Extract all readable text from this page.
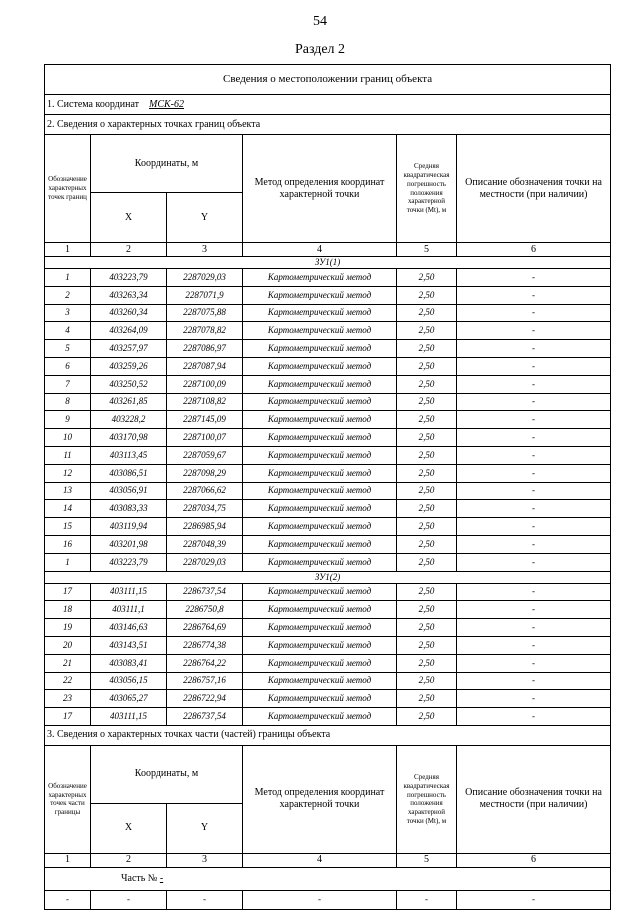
54
Раздел 2
Сведения о местоположении границ объекта					
1. Система координат МСК-62					
2. Сведения о характерных точках границ объекта					
Обозначение характерных точек границ	Координаты, м		Метод определения координат характерной точки	Средняя квадратическая погрешность положения характерной точки (Mt), м	Описание обозначения точки на местности (при наличии)
	X	Y			
1	2	3	4	5	6
ЗУ1(1)					
1	403223,79	2287029,03	Картометрический метод	2,50	-
2	403263,34	2287071,9	Картометрический метод	2,50	-
3	403260,34	2287075,88	Картометрический метод	2,50	-
4	403264,09	2287078,82	Картометрический метод	2,50	-
5	403257,97	2287086,97	Картометрический метод	2,50	-
6	403259,26	2287087,94	Картометрический метод	2,50	-
7	403250,52	2287100,09	Картометрический метод	2,50	-
8	403261,85	2287108,82	Картометрический метод	2,50	-
9	403228,2	2287145,09	Картометрический метод	2,50	-
10	403170,98	2287100,07	Картометрический метод	2,50	-
11	403113,45	2287059,67	Картометрический метод	2,50	-
12	403086,51	2287098,29	Картометрический метод	2,50	-
13	403056,91	2287066,62	Картометрический метод	2,50	-
14	403083,33	2287034,75	Картометрический метод	2,50	-
15	403119,94	2286985,94	Картометрический метод	2,50	-
16	403201,98	2287048,39	Картометрический метод	2,50	-
1	403223,79	2287029,03	Картометрический метод	2,50	-
ЗУ1(2)					
17	403111,15	2286737,54	Картометрический метод	2,50	-
18	403111,1	2286750,8	Картометрический метод	2,50	-
19	403146,63	2286764,69	Картометрический метод	2,50	-
20	403143,51	2286774,38	Картометрический метод	2,50	-
21	403083,41	2286764,22	Картометрический метод	2,50	-
22	403056,15	2286757,16	Картометрический метод	2,50	-
23	403065,27	2286722,94	Картометрический метод	2,50	-
17	403111,15	2286737,54	Картометрический метод	2,50	-
3. Сведения о характерных точках части (частей) границы объекта					
Обозначение характерных точек части границы	Координаты, м		Метод определения координат характерной точки	Средняя квадратическая погрешность положения характерной точки (Mt), м	Описание обозначения точки на местности (при наличии)
	X	Y			
1	2	3	4	5	6
Часть № -					
-	-	-	-	-	-
